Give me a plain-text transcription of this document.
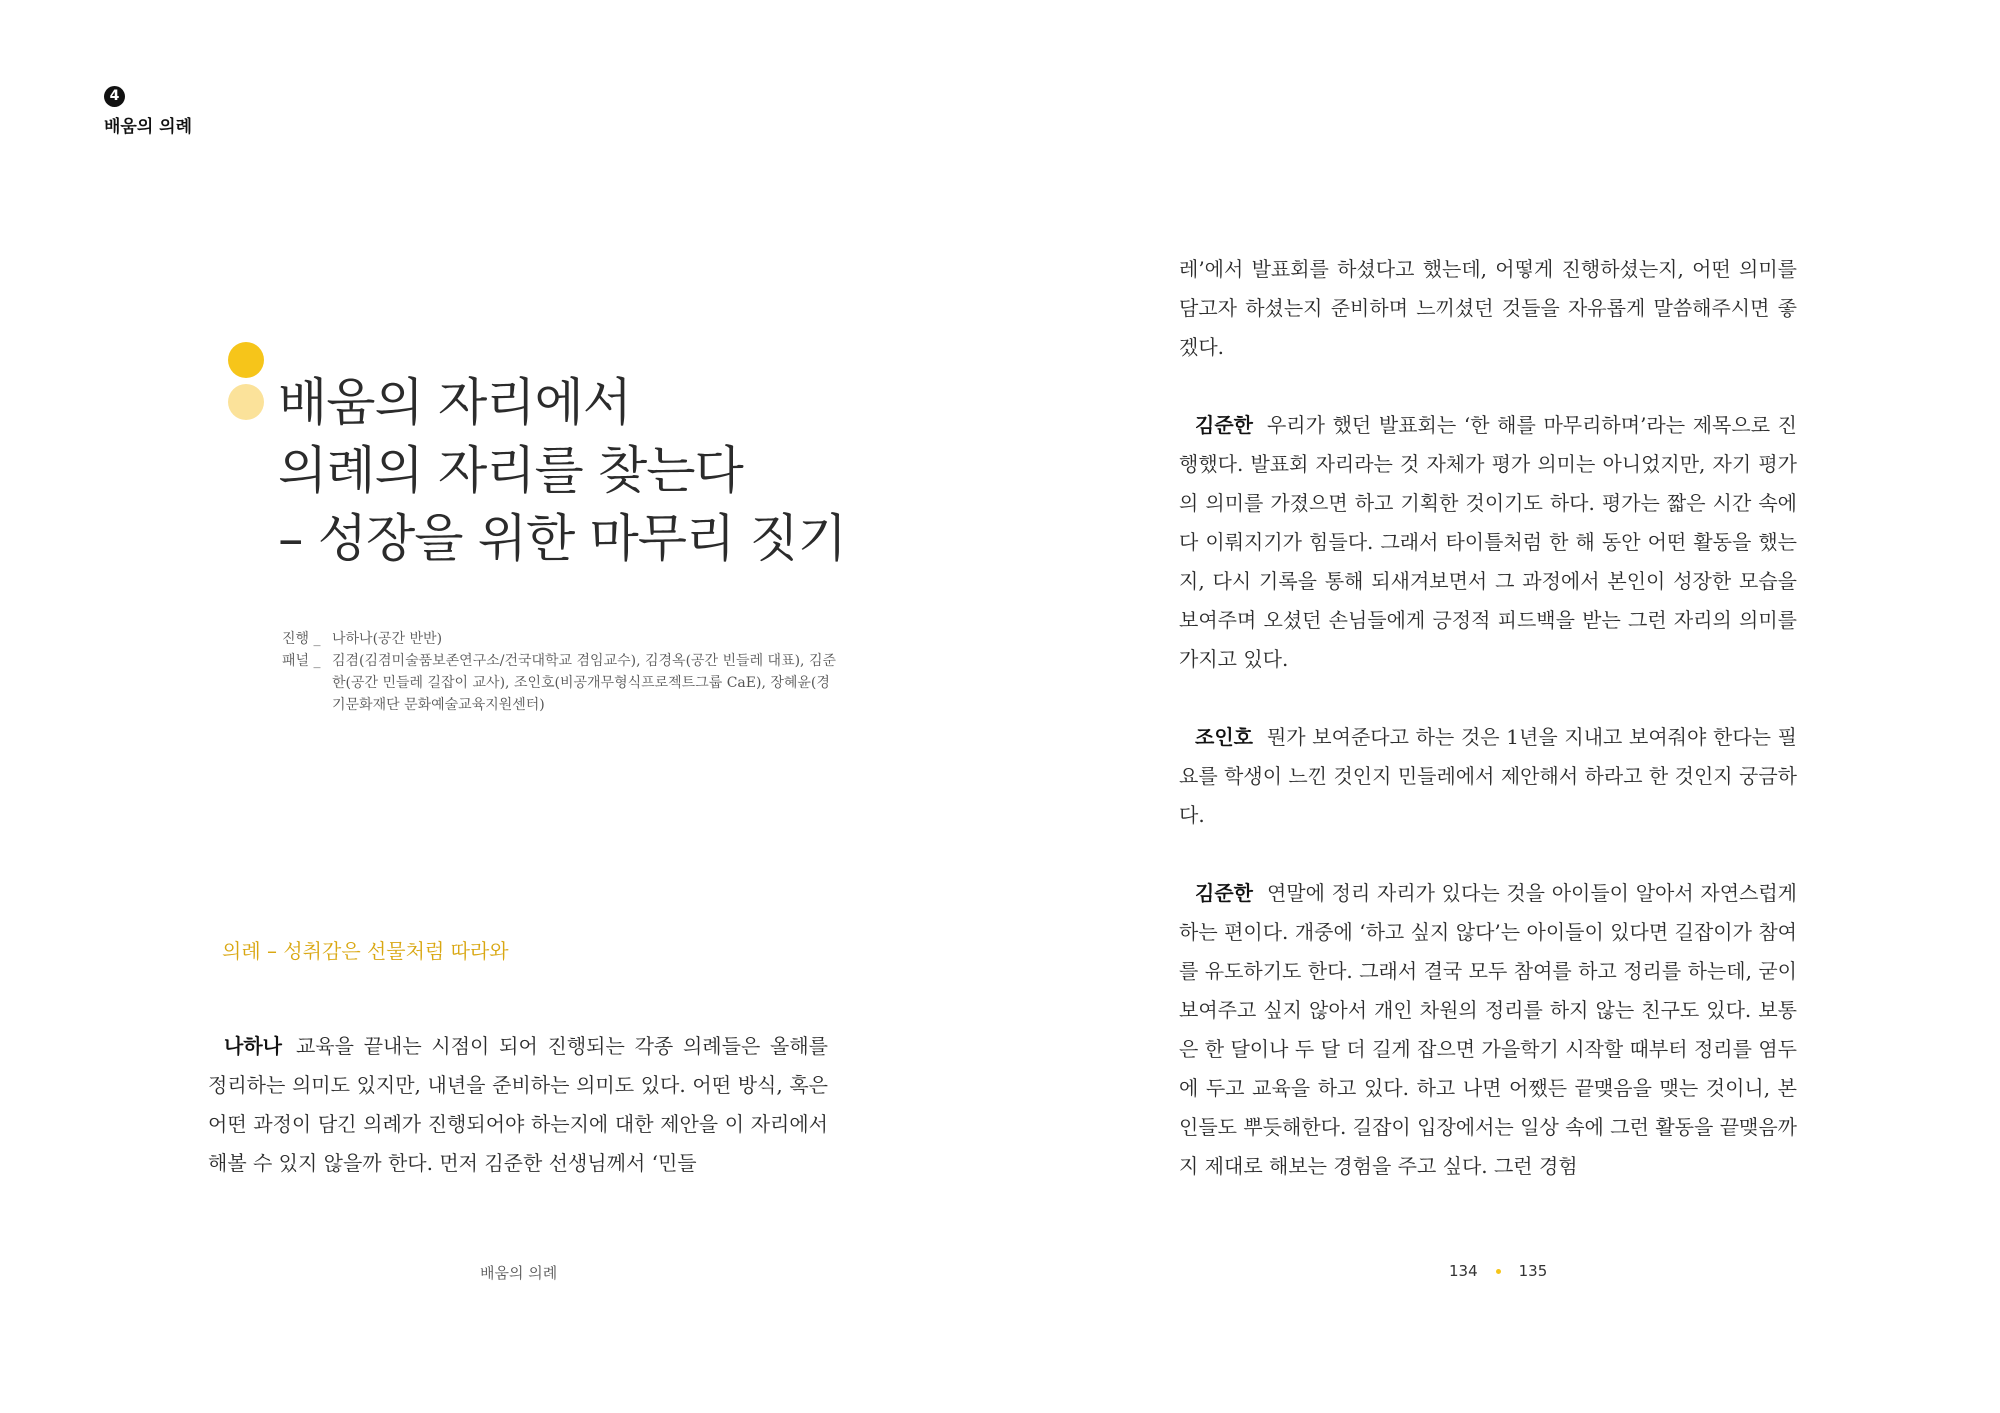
4
배움의 의례
배움의 자리에서
의례의 자리를 찾는다
– 성장을 위한 마무리 짓기
진행 _ 나하나(공간 반반)
패널 _ 김겸(김겸미술품보존연구소/건국대학교 겸임교수), 김경옥(공간 빈들레 대표), 김준한(공간 민들레 길잡이 교사), 조인호(비공개무형식프로젝트그룹 CaE), 장혜윤(경기문화재단 문화예술교육지원센터)
의례 – 성취감은 선물처럼 따라와

나하나 교육을 끝내는 시점이 되어 진행되는 각종 의례들은 올해를 정리하는 의미도 있지만, 내년을 준비하는 의미도 있다. 어떤 방식, 혹은 어떤 과정이 담긴 의례가 진행되어야 하는지에 대한 제안을 이 자리에서 해볼 수 있지 않을까 한다. 먼저 김준한 선생님께서 ‘민들

레’에서 발표회를 하셨다고 했는데, 어떻게 진행하셨는지, 어떤 의미를 담고자 하셨는지 준비하며 느끼셨던 것들을 자유롭게 말씀해주시면 좋겠다.

김준한 우리가 했던 발표회는 ‘한 해를 마무리하며’라는 제목으로 진행했다. 발표회 자리라는 것 자체가 평가 의미는 아니었지만, 자기 평가의 의미를 가졌으면 하고 기획한 것이기도 하다. 평가는 짧은 시간 속에 다 이뤄지기가 힘들다. 그래서 타이틀처럼 한 해 동안 어떤 활동을 했는지, 다시 기록을 통해 되새겨보면서 그 과정에서 본인이 성장한 모습을 보여주며 오셨던 손님들에게 긍정적 피드백을 받는 그런 자리의 의미를 가지고 있다.

조인호 뭔가 보여준다고 하는 것은 1년을 지내고 보여줘야 한다는 필요를 학생이 느낀 것인지 민들레에서 제안해서 하라고 한 것인지 궁금하다.

김준한 연말에 정리 자리가 있다는 것을 아이들이 알아서 자연스럽게 하는 편이다. 개중에 ‘하고 싶지 않다’는 아이들이 있다면 길잡이가 참여를 유도하기도 한다. 그래서 결국 모두 참여를 하고 정리를 하는데, 굳이 보여주고 싶지 않아서 개인 차원의 정리를 하지 않는 친구도 있다. 보통은 한 달이나 두 달 더 길게 잡으면 가을학기 시작할 때부터 정리를 염두에 두고 교육을 하고 있다. 하고 나면 어쨌든 끝맺음을 맺는 것이니, 본인들도 뿌듯해한다. 길잡이 입장에서는 일상 속에 그런 활동을 끝맺음까지 제대로 해보는 경험을 주고 싶다. 그런 경험

배움의 의례	134	135
